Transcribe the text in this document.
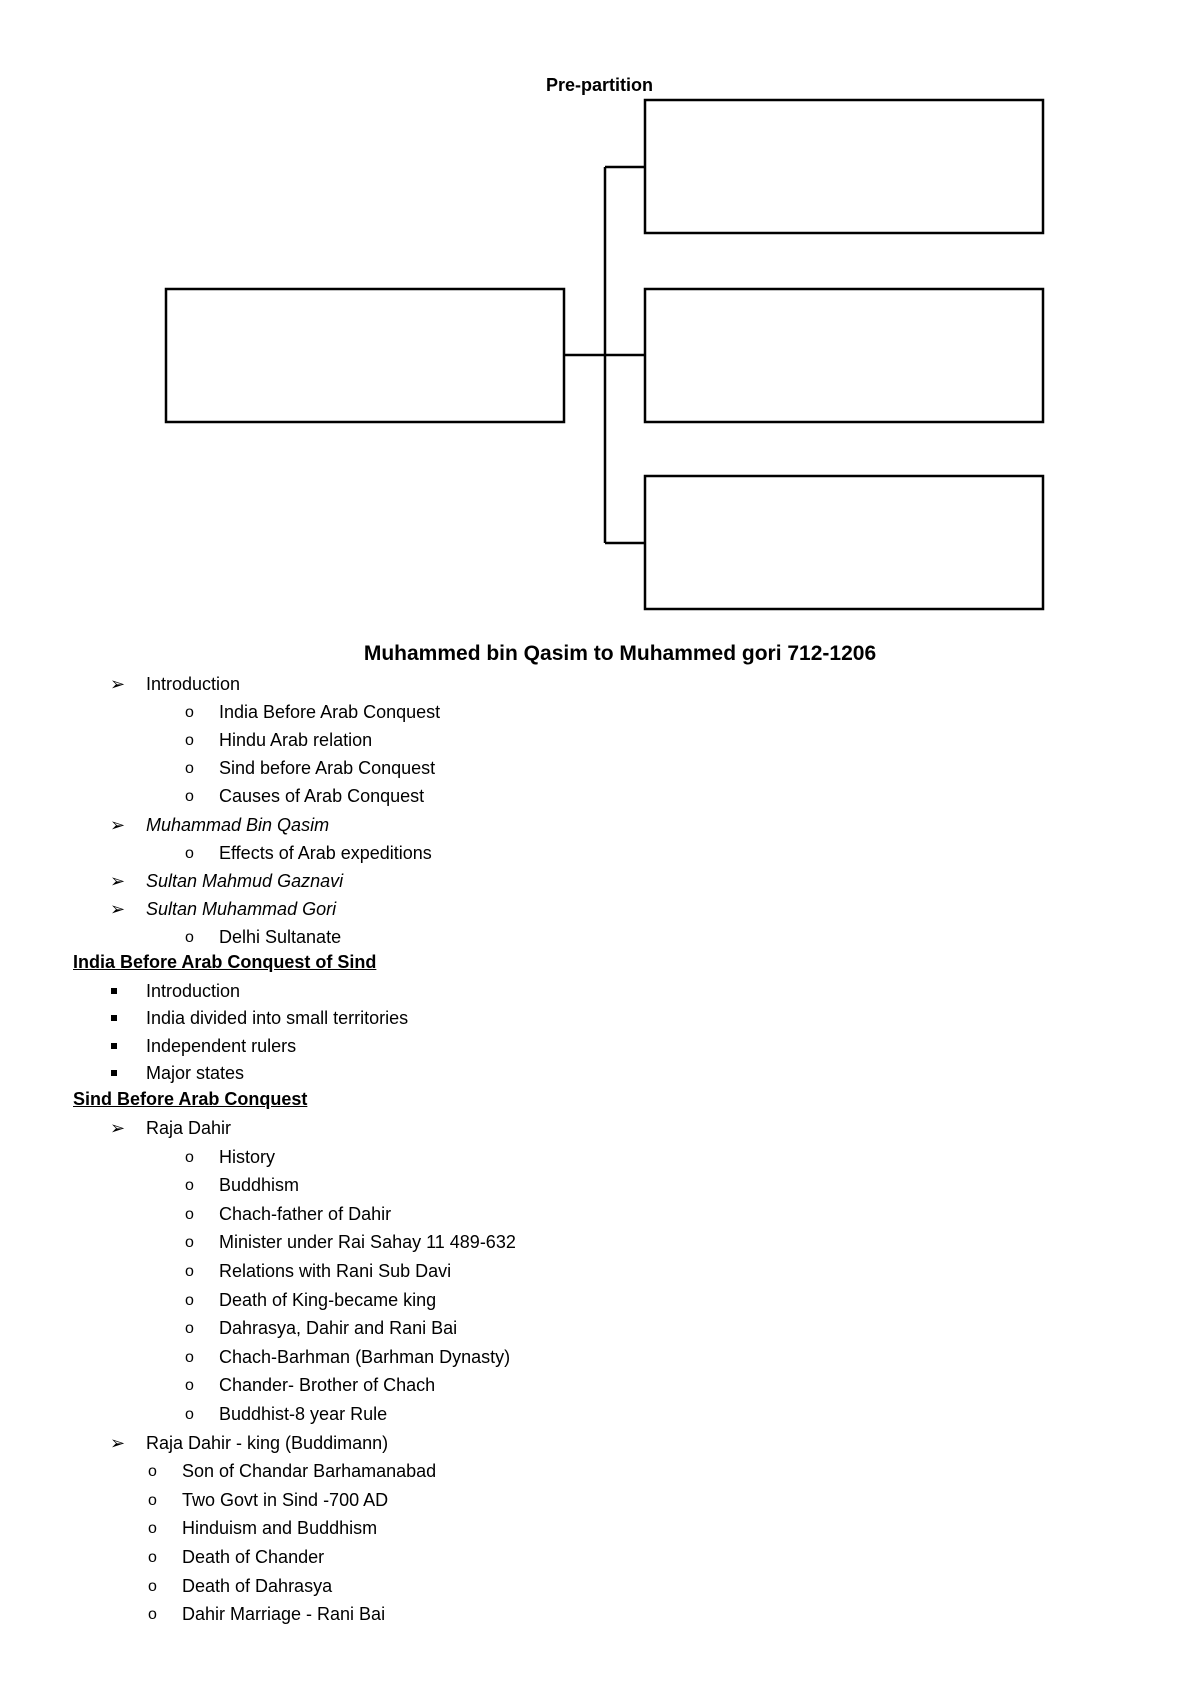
Pre-partition
Muhammed bin Qasim to Muhammed gori 712-1206
➢ Introduction
o India Before Arab Conquest
o Hindu Arab relation
o Sind before Arab Conquest
o Causes of Arab Conquest
➢ Muhammad Bin Qasim
o Effects of Arab expeditions
➢ Sultan Mahmud Gaznavi
➢ Sultan Muhammad Gori
o Delhi Sultanate
India Before Arab Conquest of Sind
Introduction
India divided into small territories
Independent rulers
Major states
Sind Before Arab Conquest
➢ Raja Dahir
o History
o Buddhism
o Chach-father of Dahir
o Minister under Rai Sahay 11 489-632
o Relations with Rani Sub Davi
o Death of King-became king
o Dahrasya, Dahir and Rani Bai
o Chach-Barhman (Barhman Dynasty)
o Chander- Brother of Chach
o Buddhist-8 year Rule
➢ Raja Dahir - king (Buddimann)
o Son of Chandar Barhamanabad
o Two Govt in Sind -700 AD
o Hinduism and Buddhism
o Death of Chander
o Death of Dahrasya
o Dahir Marriage - Rani Bai
